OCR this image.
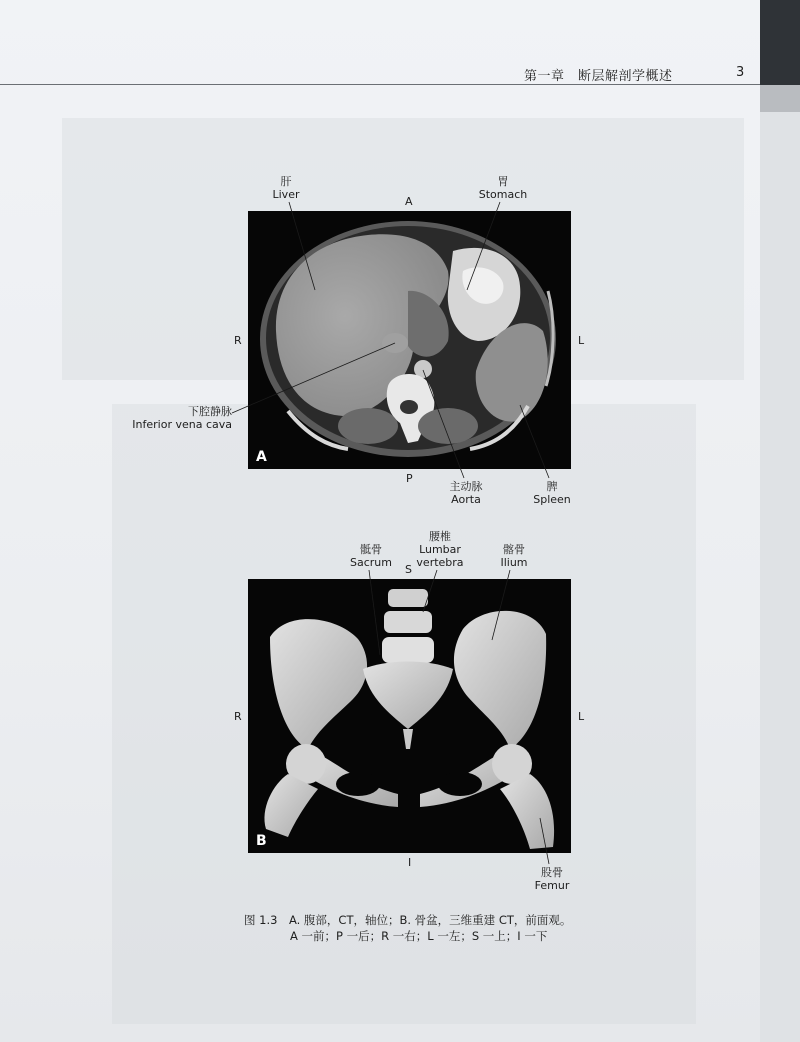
第一章　断层解剖学概述	3
A
A
P
R	L
肝
Liver
胃
Stomach
下腔静脉
Inferior vena cava
主动脉
Aorta
脾
Spleen
B
S
I
R	L
骶骨
Sacrum
腰椎
Lumbar
vertebra
髂骨
Ilium
股骨
Femur
图 1.3　A. 腹部，CT，轴位；B. 骨盆，三维重建 CT，前面观。
A 一前；P 一后；R 一右；L 一左；S 一上；I 一下
